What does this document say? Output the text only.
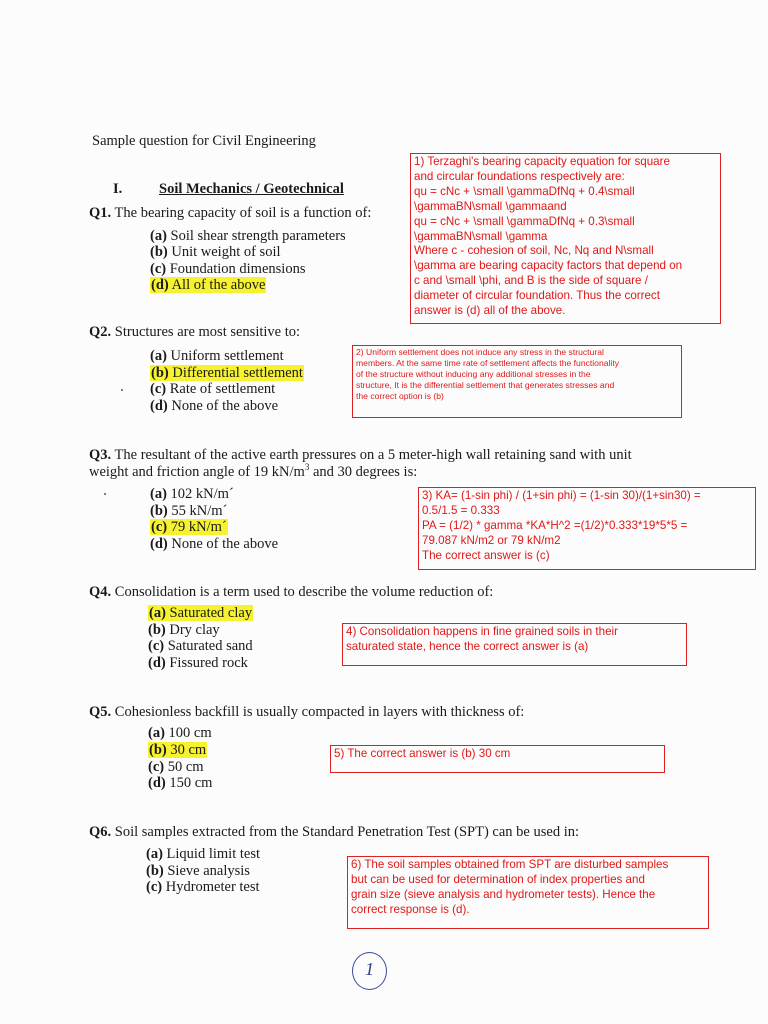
Sample question for Civil Engineering
I.	Soil Mechanics / Geotechnical
Q1. The bearing capacity of soil is a function of:
(a) Soil shear strength parameters
(b) Unit weight of soil
(c) Foundation dimensions
(d) All of the above
Q2. Structures are most sensitive to:
(a) Uniform settlement
(b) Differential settlement
(c) Rate of settlement
(d) None of the above
Q3. The resultant of the active earth pressures on a 5 meter-high wall retaining sand with unit
weight and friction angle of 19 $kN/m^3$ and 30 degrees is:
(a) 102 kN/m´
(b) 55 kN/m´
(c) 79 kN/m´
(d) None of the above
Q4. Consolidation is a term used to describe the volume reduction of:
(a) Saturated clay
(b) Dry clay
(c) Saturated sand
(d) Fissured rock
Q5. Cohesionless backfill is usually compacted in layers with thickness of:
(a) 100 cm
(b) 30 cm
(c) 50 cm
(d) 150 cm
Q6. Soil samples extracted from the Standard Penetration Test (SPT) can be used in:
(a) Liquid limit test
(b) Sieve analysis
(c) Hydrometer test
1) Terzaghi's bearing capacity equation for square
and circular foundations respectively are:
qu = cNc + \small \gammaDfNq + 0.4\small
\gammaBN\small \gammaand
qu = cNc + \small \gammaDfNq + 0.3\small
\gammaBN\small \gamma
Where c - cohesion of soil, Nc, Nq and N\small
\gamma are bearing capacity factors that depend on
c and \small \phi, and B is the side of square /
diameter of circular foundation. Thus the correct
answer is (d) all of the above.
2) Uniform settlement does not induce any stress in the structural
members. At the same time rate of settlement affects the functionality
of the structure without inducing any additional stresses in the
structure, It is the differential settlement that generates stresses and
the correct option is (b)
3) KA= (1-sin phi) / (1+sin phi) = (1-sin 30)/(1+sin30) =
0.5/1.5 = 0.333
PA = (1/2) * gamma *KA*H^2 =(1/2)*0.333*19*5*5 =
79.087 kN/m2 or 79 kN/m2
The correct answer is (c)
4) Consolidation happens in fine grained soils in their
saturated state, hence the correct answer is (a)
5) The correct answer is (b) 30 cm
6) The soil samples obtained from SPT are disturbed samples
but can be used for determination of index properties and
grain size (sieve analysis and hydrometer tests). Hence the
correct response is (d).
1
